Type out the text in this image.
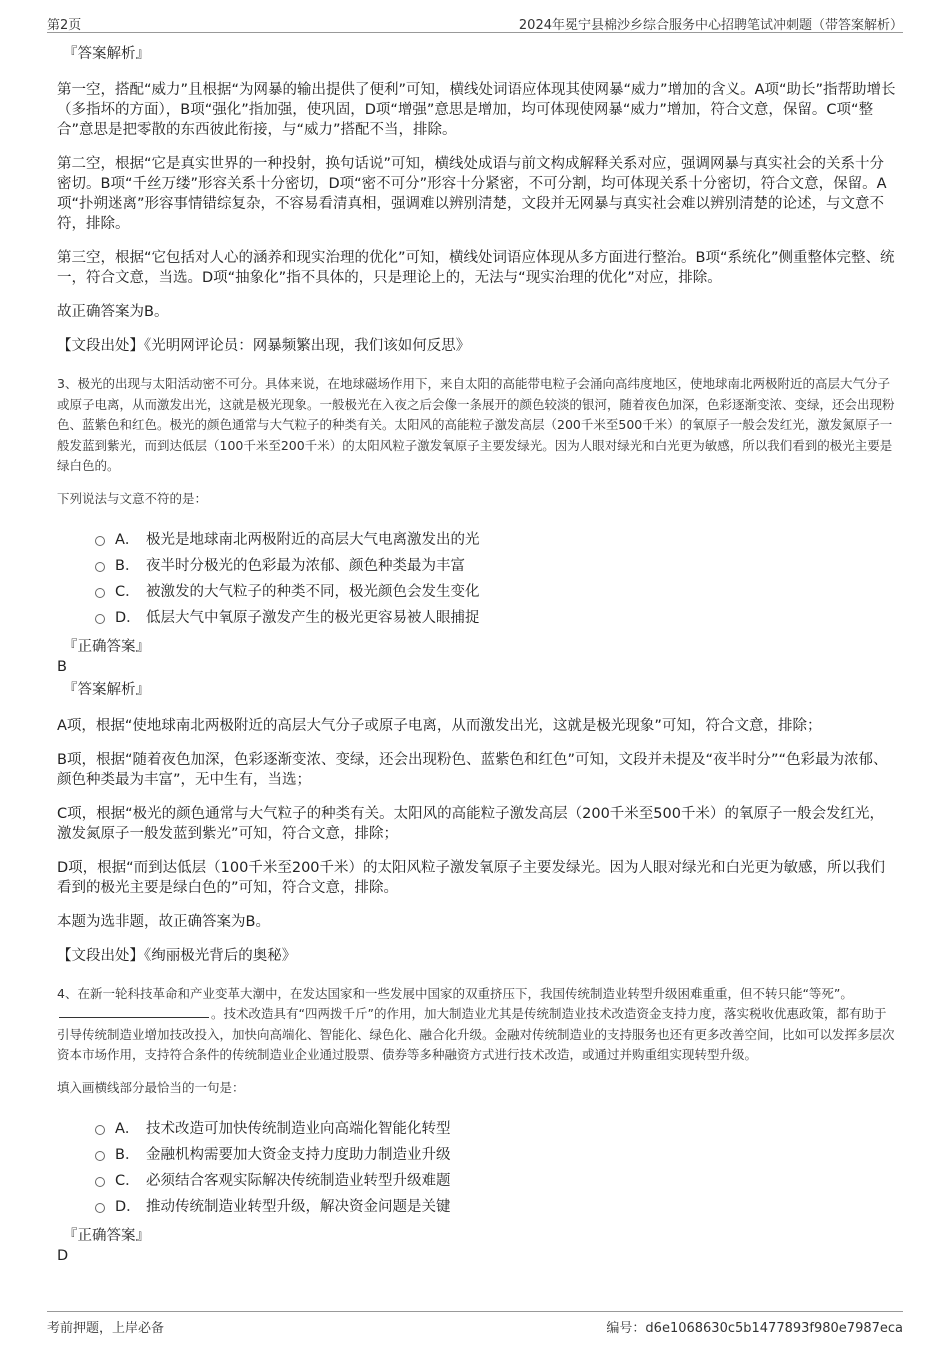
第2页	2024年冕宁县棉沙乡综合服务中心招聘笔试冲刺题（带答案解析）
『答案解析』
第一空，搭配“威力”且根据“为网暴的输出提供了便利”可知，横线处词语应体现其使网暴“威力”增加的含义。A项“助长”指帮助增长（多指坏的方面），B项“强化”指加强，使巩固，D项“增强”意思是增加，均可体现使网暴“威力”增加，符合文意，保留。C项“整合”意思是把零散的东西彼此衔接，与“威力”搭配不当，排除。
第二空，根据“它是真实世界的一种投射，换句话说”可知，横线处成语与前文构成解释关系对应，强调网暴与真实社会的关系十分密切。B项“千丝万缕”形容关系十分密切，D项“密不可分”形容十分紧密，不可分割，均可体现关系十分密切，符合文意，保留。A项“扑朔迷离”形容事情错综复杂，不容易看清真相，强调难以辨别清楚，文段并无网暴与真实社会难以辨别清楚的论述，与文意不符，排除。
第三空，根据“它包括对人心的涵养和现实治理的优化”可知，横线处词语应体现从多方面进行整治。B项“系统化”侧重整体完整、统一，符合文意，当选。D项“抽象化”指不具体的，只是理论上的，无法与“现实治理的优化”对应，排除。
故正确答案为B。
【文段出处】《光明网评论员：网暴频繁出现，我们该如何反思》
3、极光的出现与太阳活动密不可分。具体来说，在地球磁场作用下，来自太阳的高能带电粒子会涌向高纬度地区，使地球南北两极附近的高层大气分子或原子电离，从而激发出光，这就是极光现象。一般极光在入夜之后会像一条展开的颜色较淡的银河，随着夜色加深，色彩逐渐变浓、变绿，还会出现粉色、蓝紫色和红色。极光的颜色通常与大气粒子的种类有关。太阳风的高能粒子激发高层（200千米至500千米）的氧原子一般会发红光，激发氮原子一般发蓝到紫光，而到达低层（100千米至200千米）的太阳风粒子激发氧原子主要发绿光。因为人眼对绿光和白光更为敏感，所以我们看到的极光主要是绿白色的。
下列说法与文意不符的是：
A． 极光是地球南北两极附近的高层大气电离激发出的光
B． 夜半时分极光的色彩最为浓郁、颜色种类最为丰富
C． 被激发的大气粒子的种类不同，极光颜色会发生变化
D． 低层大气中氧原子激发产生的极光更容易被人眼捕捉
『正确答案』
B
『答案解析』
A项，根据“使地球南北两极附近的高层大气分子或原子电离，从而激发出光，这就是极光现象”可知，符合文意，排除；
B项，根据“随着夜色加深，色彩逐渐变浓、变绿，还会出现粉色、蓝紫色和红色”可知，文段并未提及“夜半时分”“色彩最为浓郁、颜色种类最为丰富”，无中生有，当选；
C项，根据“极光的颜色通常与大气粒子的种类有关。太阳风的高能粒子激发高层（200千米至500千米）的氧原子一般会发红光，激发氮原子一般发蓝到紫光”可知，符合文意，排除；
D项，根据“而到达低层（100千米至200千米）的太阳风粒子激发氧原子主要发绿光。因为人眼对绿光和白光更为敏感，所以我们看到的极光主要是绿白色的”可知，符合文意，排除。
本题为选非题，故正确答案为B。
【文段出处】《绚丽极光背后的奥秘》
4、在新一轮科技革命和产业变革大潮中，在发达国家和一些发展中国家的双重挤压下，我国传统制造业转型升级困难重重，但不转只能“等死”。。技术改造具有“四两拨千斤”的作用，加大制造业尤其是传统制造业技术改造资金支持力度，落实税收优惠政策，都有助于引导传统制造业增加技改投入，加快向高端化、智能化、绿色化、融合化升级。金融对传统制造业的支持服务也还有更多改善空间，比如可以发挥多层次资本市场作用，支持符合条件的传统制造业企业通过股票、债券等多种融资方式进行技术改造，或通过并购重组实现转型升级。
填入画横线部分最恰当的一句是：
A． 技术改造可加快传统制造业向高端化智能化转型
B． 金融机构需要加大资金支持力度助力制造业升级
C． 必须结合客观实际解决传统制造业转型升级难题
D． 推动传统制造业转型升级，解决资金问题是关键
『正确答案』
D
考前押题，上岸必备	编号：d6e1068630c5b1477893f980e7987eca
